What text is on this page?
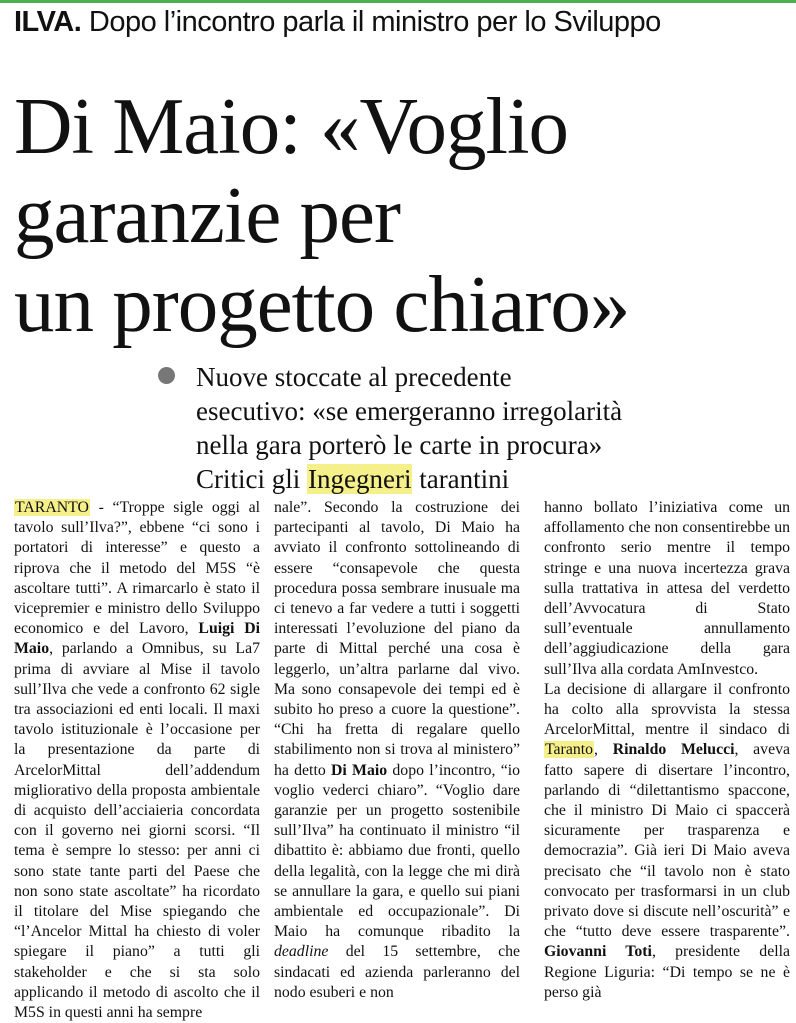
ILVA. Dopo l’incontro parla il ministro per lo Sviluppo
Di Maio: «Voglio
garanzie per
un progetto chiaro»
Nuove stoccate al precedente
esecutivo: «se emergeranno irregolarità
nella gara porterò le carte in procura»
Critici gli Ingegneri tarantini

TARANTO - “Troppe sigle oggi al tavolo sull’Ilva?”, ebbene “ci sono i portatori di interesse” e questo a riprova che il metodo del M5S “è ascoltare tutti”. A rimarcarlo è stato il vicepremier e ministro dello Sviluppo economico e del Lavoro, Luigi Di Maio, parlando a Omnibus, su La7 prima di avviare al Mise il tavolo sull’Ilva che vede a confronto 62 sigle tra associazioni ed enti locali. Il maxi tavolo istituzionale è l’occasione per la presentazione da parte di ArcelorMittal dell’addendum migliorativo della proposta ambientale di acquisto dell’acciaieria concordata con il governo nei giorni scorsi. “Il tema è sempre lo stesso: per anni ci sono state tante parti del Paese che non sono state ascoltate” ha ricordato il titolare del Mise spiegando che “l’Ancelor Mittal ha chiesto di voler spiegare il piano” a tutti gli stakeholder e che si sta solo applicando il metodo di ascolto che il M5S in questi anni ha sempre

nale”. Secondo la costruzione dei partecipanti al tavolo, Di Maio ha avviato il confronto sottolineando di essere “consapevole che questa procedura possa sembrare inusuale ma ci tenevo a far vedere a tutti i soggetti interessati l’evoluzione del piano da parte di Mittal perché una cosa è leggerlo, un’altra parlarne dal vivo. Ma sono consapevole dei tempi ed è subito ho preso a cuore la questione”. “Chi ha fretta di regalare quello stabilimento non si trova al ministero” ha detto Di Maio dopo l’incontro, “io voglio vederci chiaro”. “Voglio dare garanzie per un progetto sostenibile sull’Ilva” ha continuato il ministro “il dibattito è: abbiamo due fronti, quello della legalità, con la legge che mi dirà se annullare la gara, e quello sui piani ambientale ed occupazionale”. Di Maio ha comunque ribadito la deadline del 15 settembre, che sindacati ed azienda parleranno del nodo esuberi e non

hanno bollato l’iniziativa come un affollamento che non consentirebbe un confronto serio mentre il tempo stringe e una nuova incertezza grava sulla trattativa in attesa del verdetto dell’Avvocatura di Stato sull’eventuale annullamento dell’aggiudicazione della gara sull’Ilva alla cordata AmInvestco.

La decisione di allargare il confronto ha colto alla sprovvista la stessa ArcelorMittal, mentre il sindaco di Taranto, Rinaldo Melucci, aveva fatto sapere di disertare l’incontro, parlando di “dilettantismo spaccone, che il ministro Di Maio ci spaccerà sicuramente per trasparenza e democrazia”. Già ieri Di Maio aveva precisato che “il tavolo non è stato convocato per trasformarsi in un club privato dove si discute nell’oscurità” e che “tutto deve essere trasparente”. Giovanni Toti, presidente della Regione Liguria: “Di tempo se ne è perso già
